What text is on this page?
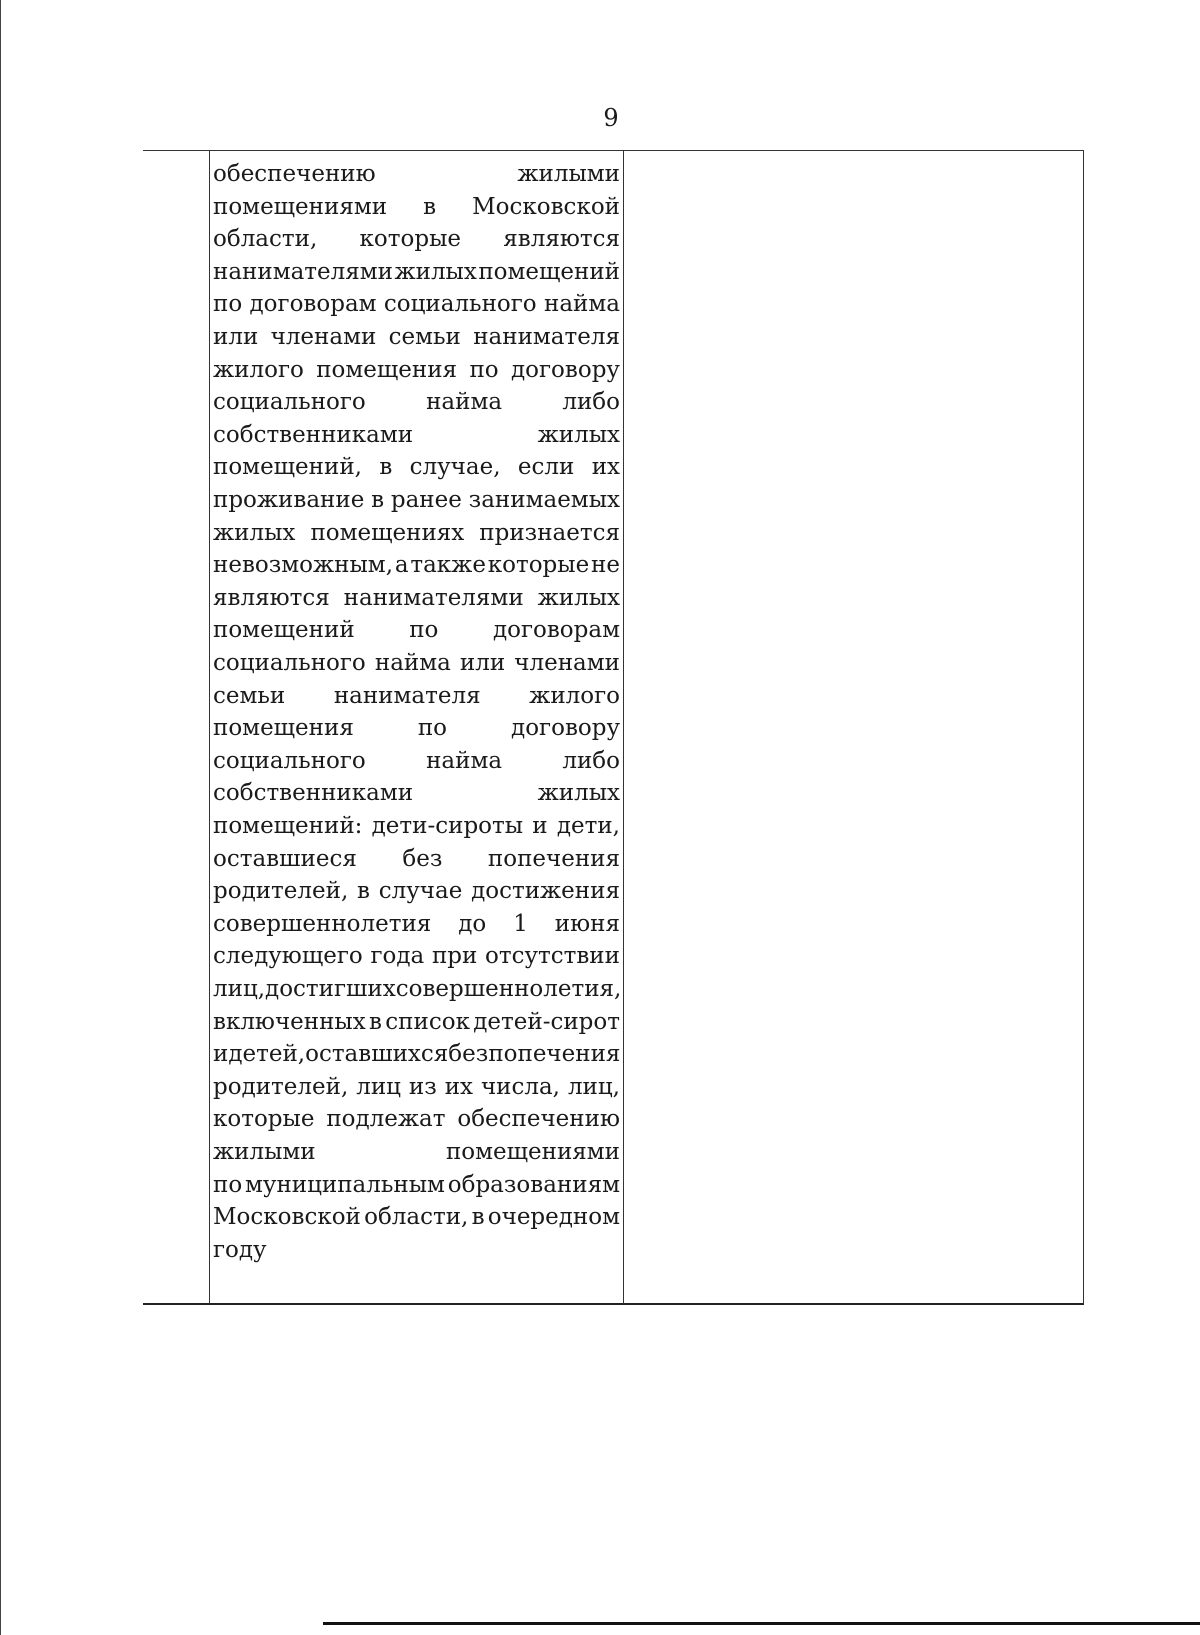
9
обеспечению	жилыми
помещениями в Московской
области, которые являются
нанимателями жилых помещений
по договорам социального найма
или членами семьи нанимателя
жилого помещения по договору
социального	найма	либо
собственниками	жилых
помещений, в случае, если их
проживание в ранее занимаемых
жилых помещениях признается
невозможным, а также которые не
являются нанимателями жилых
помещений по договорам
социального найма или членами
семьи нанимателя жилого
помещения	по	договору
социального	найма	либо
собственниками	жилых
помещений: дети-сироты и дети,
оставшиеся без попечения
родителей, в случае достижения
совершеннолетия до 1 июня
следующего года при отсутствии
лиц, достигших совершеннолетия,
включенных в список детей-сирот
и детей, оставшихся без попечения
родителей, лиц из их числа, лиц,
которые подлежат обеспечению
жилыми	помещениями
по муниципальным образованиям
Московской области, в очередном
году
